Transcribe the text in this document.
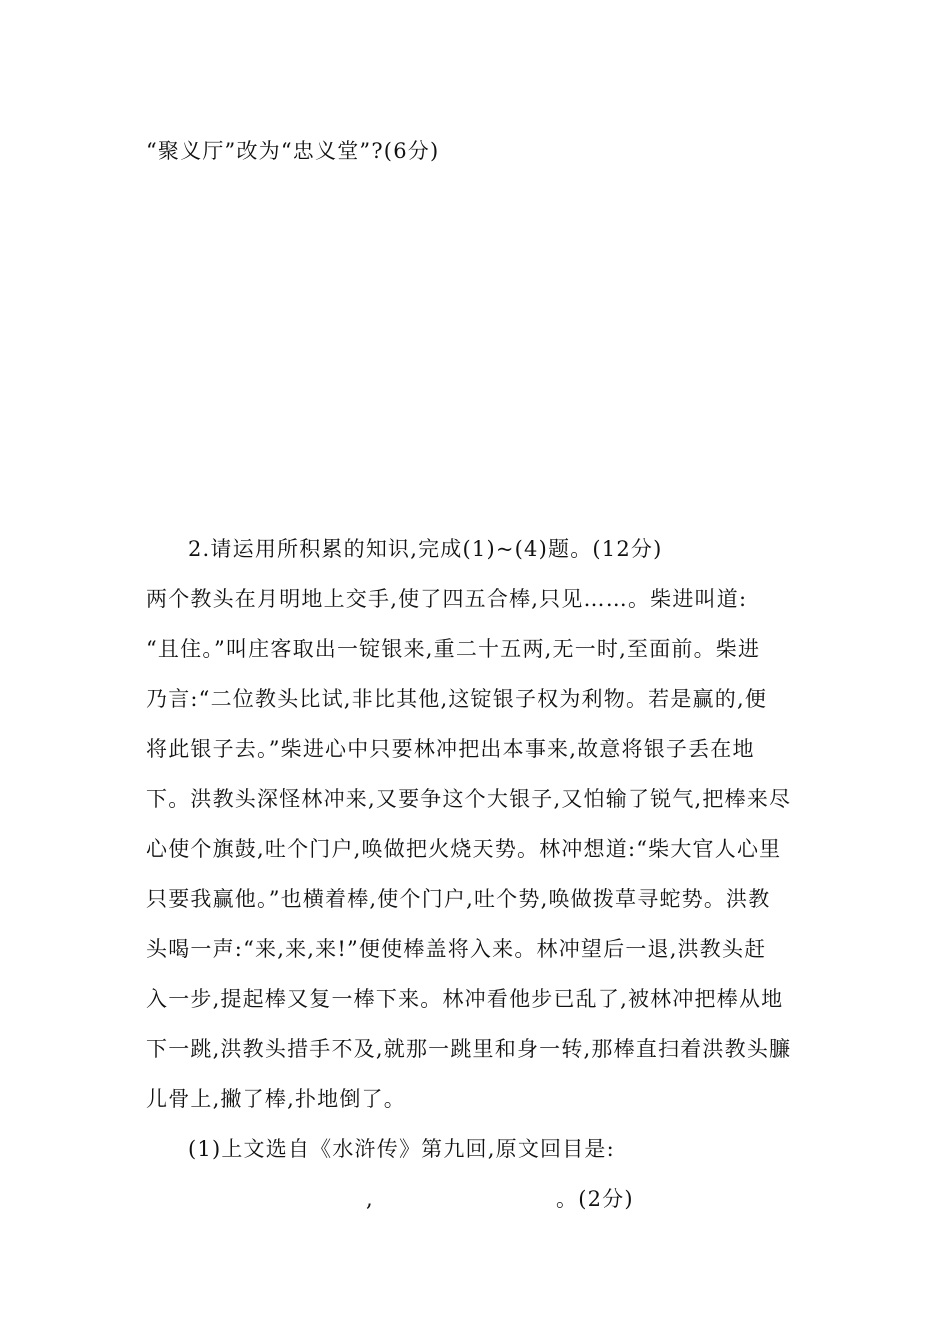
“聚义厅”改为“忠义堂”?(6分)
2.请运用所积累的知识,完成(1)~(4)题。(12分)
两个教头在月明地上交手,使了四五合棒,只见……。柴进叫道:
“且住。”叫庄客取出一锭银来,重二十五两,无一时,至面前。柴进
乃言:“二位教头比试,非比其他,这锭银子权为利物。若是赢的,便
将此银子去。”柴进心中只要林冲把出本事来,故意将银子丢在地
下。洪教头深怪林冲来,又要争这个大银子,又怕输了锐气,把棒来尽
心使个旗鼓,吐个门户,唤做把火烧天势。林冲想道:“柴大官人心里
只要我赢他。”也横着棒,使个门户,吐个势,唤做拨草寻蛇势。洪教
头喝一声:“来,来,来!”便使棒盖将入来。林冲望后一退,洪教头赶
入一步,提起棒又复一棒下来。林冲看他步已乱了,被林冲把棒从地
下一跳,洪教头措手不及,就那一跳里和身一转,那棒直扫着洪教头臁
儿骨上,撇了棒,扑地倒了。
(1)上文选自《水浒传》第九回,原文回目是:
,	。(2分)
